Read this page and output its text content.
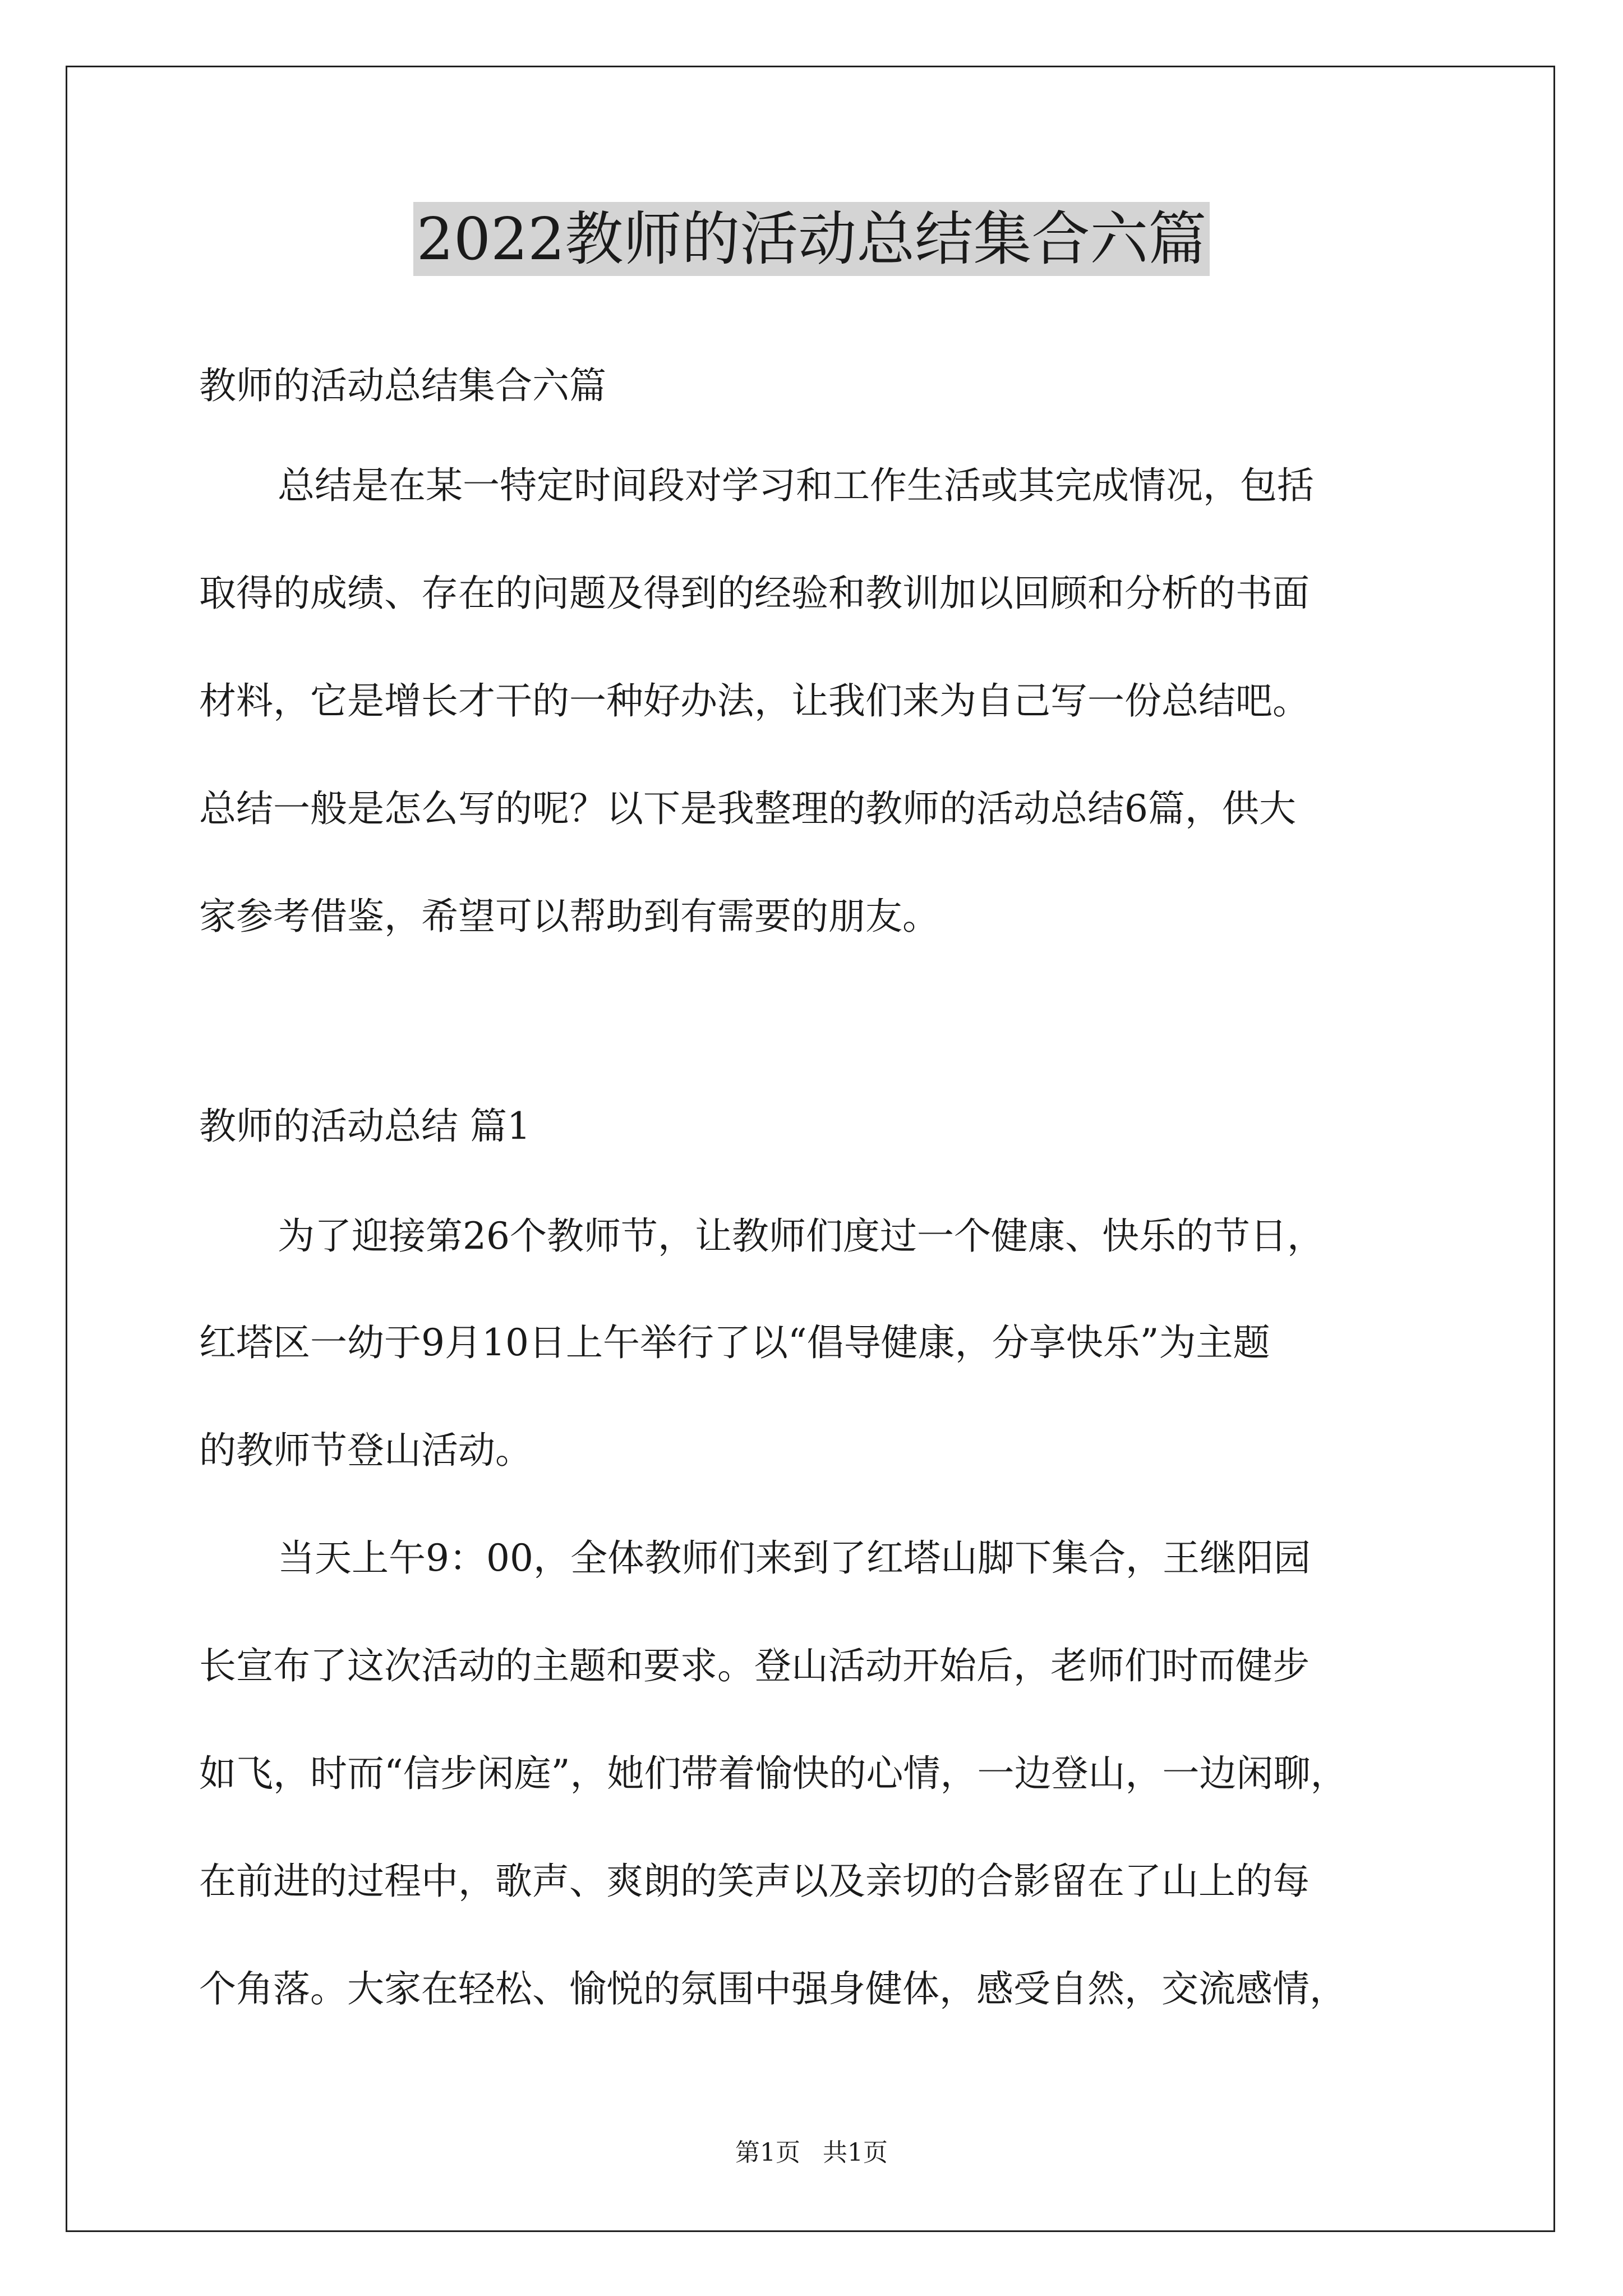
2022教师的活动总结集合六篇
教师的活动总结集合六篇
总结是在某一特定时间段对学习和工作生活或其完成情况，包括
取得的成绩、存在的问题及得到的经验和教训加以回顾和分析的书面
材料，它是增长才干的一种好办法，让我们来为自己写一份总结吧。
总结一般是怎么写的呢？以下是我整理的教师的活动总结6篇，供大
家参考借鉴，希望可以帮助到有需要的朋友。
教师的活动总结 篇1
为了迎接第26个教师节，让教师们度过一个健康、快乐的节日，
红塔区一幼于9月10日上午举行了以“倡导健康，分享快乐”为主题
的教师节登山活动。
当天上午9：00，全体教师们来到了红塔山脚下集合，王继阳园
长宣布了这次活动的主题和要求。登山活动开始后，老师们时而健步
如飞，时而“信步闲庭”，她们带着愉快的心情，一边登山，一边闲聊，
在前进的过程中，歌声、爽朗的笑声以及亲切的合影留在了山上的每
个角落。大家在轻松、愉悦的氛围中强身健体，感受自然，交流感情，
第1页 共1页
